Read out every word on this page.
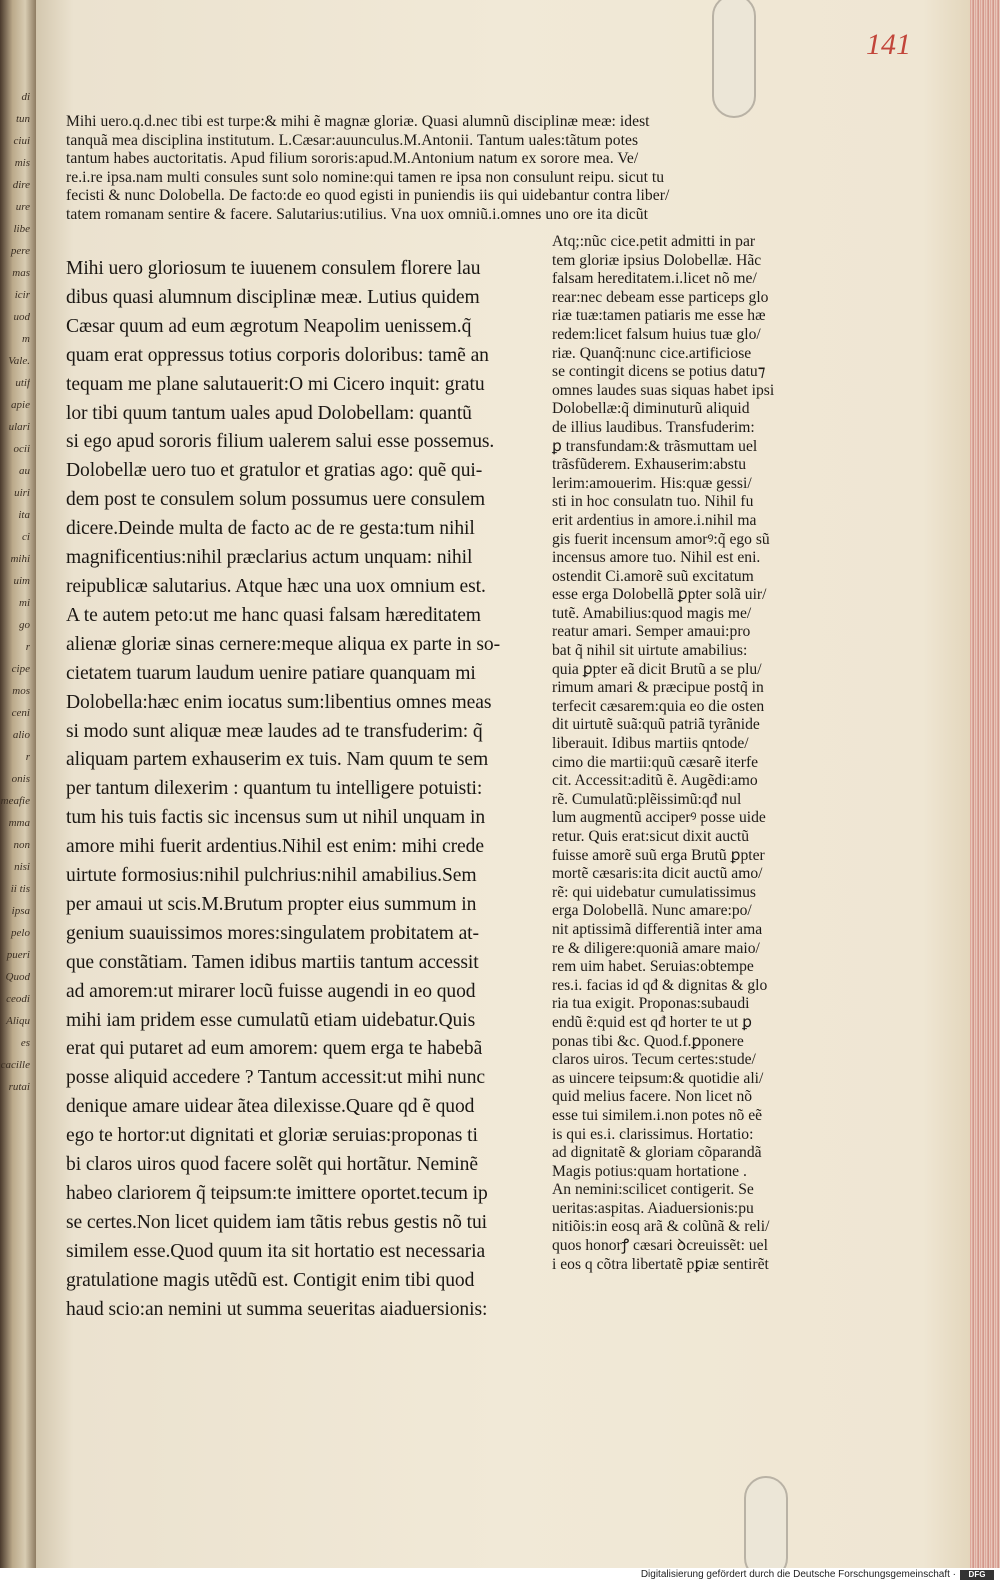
di
tun
ciui
mis
dire
ure
libe
pere
mas
icir
uod
m
Vale.
utif
apie
ulari
ocii
au
uiri
ita
ci
mihi
uim
mi
go
r
cipe
mos
ceni
alio
r
onis
meafie
mma
non
nisi
ii tis
ipsa
pelo
pueri
Quod
ceodi
Aliqu
es
cacille
rutai
141
Mihi uero.q.d.nec tibi est turpe:& mihi ẽ magnæ gloriæ. Quasi alumnũ disciplinæ meæ: idest
tanquã mea disciplina institutum. L.Cæsar:auunculus.M.Antonii. Tantum uales:tãtum potes
tantum habes auctoritatis. Apud filium sororis:apud.M.Antonium natum ex sorore mea. Ve/
re.i.re ipsa.nam multi consules sunt solo nomine:qui tamen re ipsa non consulunt reipu. sicut tu
fecisti & nunc Dolobella. De facto:de eo quod egisti in puniendis iis qui uidebantur contra liber/
tatem romanam sentire & facere. Salutarius:utilius. Vna uox omniũ.i.omnes uno ore ita dicũt
Mihi uero gloriosum te iuuenem consulem florere lau
dibus quasi alumnum disciplinæ meæ. Lutius quidem
Cæsar quum ad eum ægrotum Neapolim uenissem.q̃
quam erat oppressus totius corporis doloribus: tamẽ an
tequam me plane salutauerit:O mi Cicero inquit: gratu
lor tibi quum tantum uales apud Dolobellam: quantũ
si ego apud sororis filium ualerem salui esse possemus.
Dolobellæ uero tuo et gratulor et gratias ago: quẽ qui-
dem post te consulem solum possumus uere consulem
dicere.Deinde multa de facto ac de re gesta:tum nihil
magnificentius:nihil præclarius actum unquam: nihil
reipublicæ salutarius. Atque hæc una uox omnium est.
A te autem peto:ut me hanc quasi falsam hæreditatem
alienæ gloriæ sinas cernere:meque aliqua ex parte in so-
cietatem tuarum laudum uenire patiare quanquam mi
Dolobella:hæc enim iocatus sum:libentius omnes meas
si modo sunt aliquæ meæ laudes ad te transfuderim: q̃
aliquam partem exhauserim ex tuis. Nam quum te sem
per tantum dilexerim : quantum tu intelligere potuisti:
tum his tuis factis sic incensus sum ut nihil unquam in
amore mihi fuerit ardentius.Nihil est enim: mihi crede
uirtute formosius:nihil pulchrius:nihil amabilius.Sem
per amaui ut scis.M.Brutum propter eius summum in
genium suauissimos mores:singulatem probitatem at-
que constãtiam. Tamen idibus martiis tantum accessit
ad amorem:ut mirarer locũ fuisse augendi in eo quod
mihi iam pridem esse cumulatũ etiam uidebatur.Quis
erat qui putaret ad eum amorem: quem erga te habebã
posse aliquid accedere ? Tantum accessit:ut mihi nunc
denique amare uidear ãtea dilexisse.Quare qd ẽ quod
ego te hortor:ut dignitati et gloriæ seruias:proponas ti
bi claros uiros quod facere solẽt qui hortãtur. Neminẽ
habeo clariorem q̃ teipsum:te imittere oportet.tecum ip
se certes.Non licet quidem iam tãtis rebus gestis nõ tui
similem esse.Quod quum ita sit hortatio est necessaria
gratulatione magis utẽdũ est. Contigit enim tibi quod
haud scio:an nemini ut summa seueritas aiaduersionis:
Atq;:nũc cice.petit admitti in par
tem gloriæ ipsius Dolobellæ. Hãc
falsam hereditatem.i.licet nõ me/
rear:nec debeam esse particeps glo
riæ tuæ:tamen patiaris me esse hæ
redem:licet falsum huius tuæ glo/
riæ. Quanq̃:nunc cice.artificiose
se contingit dicens se potius datu⁊
omnes laudes suas siquas habet ipsi
Dolobellæ:q̃ diminuturũ aliquid
de illius laudibus. Transfuderim:
ꝑ transfundam:& trãsmuttam uel
trãsfũderem. Exhauserim:abstu
lerim:amouerim. His:quæ gessi/
sti in hoc consulatn tuo. Nihil fu
erit ardentius in amore.i.nihil ma
gis fuerit incensum amorꝰ:q̃ ego sũ
incensus amore tuo. Nihil est eni.
ostendit Ci.amorẽ suũ excitatum
esse erga Dolobellã ꝑpter solã uir/
tutẽ. Amabilius:quod magis me/
reatur amari. Semper amaui:pro
bat q̃ nihil sit uirtute amabilius:
quia ꝑpter eã dicit Brutũ a se plu/
rimum amari & præcipue postq̃ in
terfecit cæsarem:quia eo die osten
dit uirtutẽ suã:quũ patriã tyrãnide
liberauit. Idibus martiis qntode/
cimo die martii:quũ cæsarẽ iterfe
cit. Accessit:aditũ ẽ. Augẽdi:amo
rẽ. Cumulatũ:plẽissimũ:qđ nul
lum augmentũ acciperꝰ posse uide
retur. Quis erat:sicut dixit auctũ
fuisse amorẽ suũ erga Brutũ ꝑpter
mortẽ cæsaris:ita dicit auctũ amo/
rẽ: qui uidebatur cumulatissimus
erga Dolobellã. Nunc amare:po/
nit aptissimã differentiã inter ama
re & diligere:quoniã amare maio/
rem uim habet. Seruias:obtempe
res.i. facias id qđ & dignitas & glo
ria tua exigit. Proponas:subaudi
endũ ẽ:quid est qđ horter te ut ꝑ
ponas tibi &c. Quod.f.ꝑponere
claros uiros. Tecum certes:stude/
as uincere teipsum:& quotidie ali/
quid melius facere. Non licet nõ
esse tui similem.i.non potes nõ eẽ
is qui es.i. clarissimus. Hortatio:
ad dignitatẽ & gloriam cõparandã
Magis potius:quam hortatione .
An nemini:scilicet contigerit. Se
ueritas:aspitas. Aiaduersionis:pu
nitiõis:in eosq arã & colũnã & reli/
quos honorꝭ cæsari ꝺcreuissẽt: uel
i eos q cõtra libertatẽ pꝑiæ sentirẽt
Digitalisierung gefördert durch die Deutsche Forschungsgemeinschaft ·	DFG
